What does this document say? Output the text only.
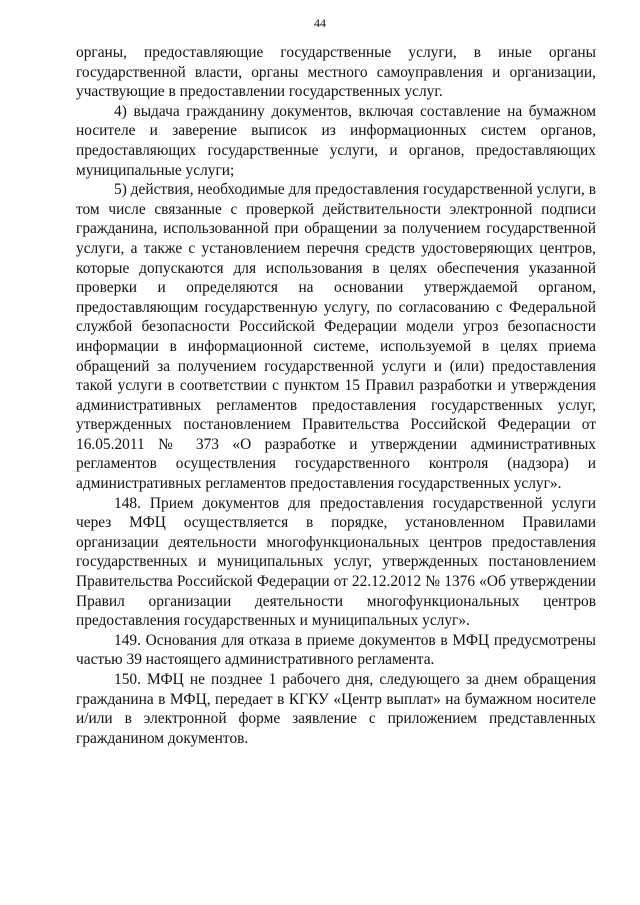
44

органы, предоставляющие государственные услуги, в иные органы государственной власти, органы местного самоуправления и организации, участвующие в предоставлении государственных услуг.

4) выдача гражданину документов, включая составление на бумажном носителе и заверение выписок из информационных систем органов, предоставляющих государственные услуги, и органов, предоставляющих муниципальные услуги;

5) действия, необходимые для предоставления государственной услуги, в том числе связанные с проверкой действительности электронной подписи гражданина, использованной при обращении за получением государственной услуги, а также с установлением перечня средств удостоверяющих центров, которые допускаются для использования в целях обеспечения указанной проверки и определяются на основании утверждаемой органом, предоставляющим государственную услугу, по согласованию с Федеральной службой безопасности Российской Федерации модели угроз безопасности информации в информационной системе, используемой в целях приема обращений за получением государственной услуги и (или) предоставления такой услуги в соответствии с пунктом 15 Правил разработки и утверждения административных регламентов предоставления государственных услуг, утвержденных постановлением Правительства Российской Федерации от 16.05.2011 № 373 «О разработке и утверждении административных регламентов осуществления государственного контроля (надзора) и административных регламентов предоставления государственных услуг».

148. Прием документов для предоставления государственной услуги через МФЦ осуществляется в порядке, установленном Правилами организации деятельности многофункциональных центров предоставления государственных и муниципальных услуг, утвержденных постановлением Правительства Российской Федерации от 22.12.2012 № 1376 «Об утверждении Правил организации деятельности многофункциональных центров предоставления государственных и муниципальных услуг».

149. Основания для отказа в приеме документов в МФЦ предусмотрены частью 39 настоящего административного регламента.

150. МФЦ не позднее 1 рабочего дня, следующего за днем обращения гражданина в МФЦ, передает в КГКУ «Центр выплат» на бумажном носителе и/или в электронной форме заявление с приложением представленных гражданином документов.
